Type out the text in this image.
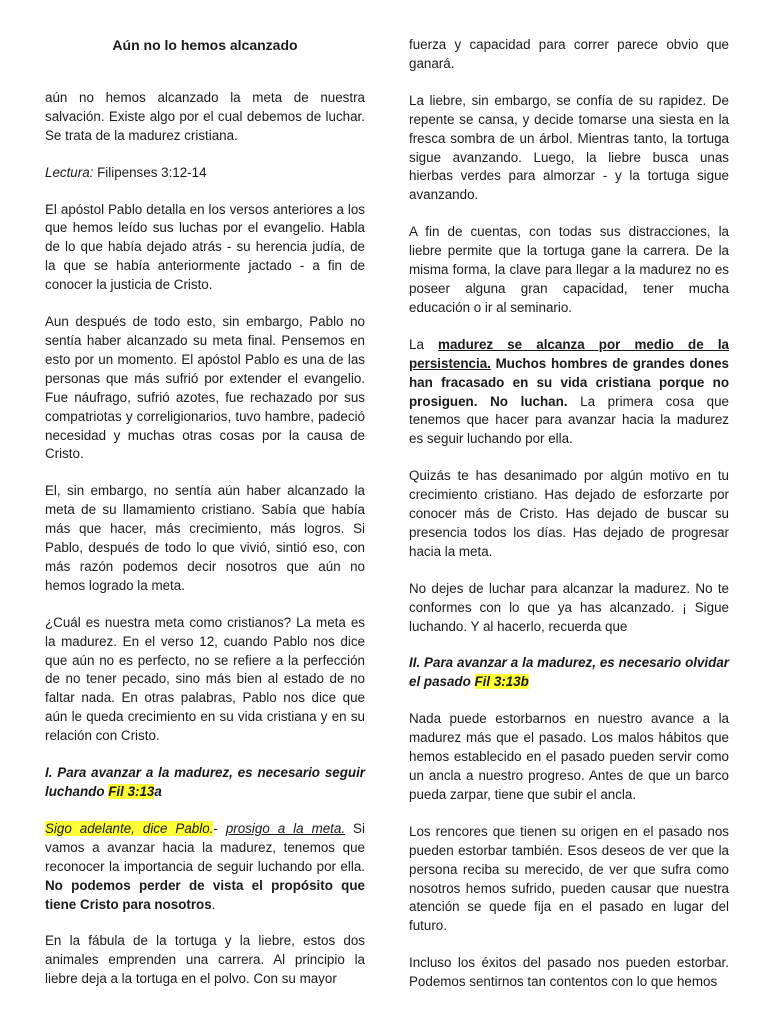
Aún no lo hemos alcanzado

aún no hemos alcanzado la meta de nuestra salvación. Existe algo por el cual debemos de luchar. Se trata de la madurez cristiana.

Lectura: Filipenses 3:12-14

El apóstol Pablo detalla en los versos anteriores a los que hemos leído sus luchas por el evangelio. Habla de lo que había dejado atrás - su herencia judía, de la que se había anteriormente jactado - a fin de conocer la justicia de Cristo.

Aun después de todo esto, sin embargo, Pablo no sentía haber alcanzado su meta final. Pensemos en esto por un momento. El apóstol Pablo es una de las personas que más sufrió por extender el evangelio. Fue náufrago, sufrió azotes, fue rechazado por sus compatriotas y correligionarios, tuvo hambre, padeció necesidad y muchas otras cosas por la causa de Cristo.

El, sin embargo, no sentía aún haber alcanzado la meta de su llamamiento cristiano. Sabía que había más que hacer, más crecimiento, más logros. Si Pablo, después de todo lo que vivió, sintió eso, con más razón podemos decir nosotros que aún no hemos logrado la meta.

¿Cuál es nuestra meta como cristianos? La meta es la madurez. En el verso 12, cuando Pablo nos dice que aún no es perfecto, no se refiere a la perfección de no tener pecado, sino más bien al estado de no faltar nada. En otras palabras, Pablo nos dice que aún le queda crecimiento en su vida cristiana y en su relación con Cristo.

I. Para avanzar a la madurez, es necesario seguir luchando Fil 3:13a

Sigo adelante, dice Pablo.- prosigo a la meta. Si vamos a avanzar hacia la madurez, tenemos que reconocer la importancia de seguir luchando por ella. No podemos perder de vista el propósito que tiene Cristo para nosotros.

En la fábula de la tortuga y la liebre, estos dos animales emprenden una carrera. Al principio la liebre deja a la tortuga en el polvo. Con su mayor

fuerza y capacidad para correr parece obvio que ganará.

La liebre, sin embargo, se confía de su rapidez. De repente se cansa, y decide tomarse una siesta en la fresca sombra de un árbol. Mientras tanto, la tortuga sigue avanzando. Luego, la liebre busca unas hierbas verdes para almorzar - y la tortuga sigue avanzando.

A fin de cuentas, con todas sus distracciones, la liebre permite que la tortuga gane la carrera. De la misma forma, la clave para llegar a la madurez no es poseer alguna gran capacidad, tener mucha educación o ir al seminario.

La madurez se alcanza por medio de la persistencia. Muchos hombres de grandes dones han fracasado en su vida cristiana porque no prosiguen. No luchan. La primera cosa que tenemos que hacer para avanzar hacia la madurez es seguir luchando por ella.

Quizás te has desanimado por algún motivo en tu crecimiento cristiano. Has dejado de esforzarte por conocer más de Cristo. Has dejado de buscar su presencia todos los días. Has dejado de progresar hacia la meta.

No dejes de luchar para alcanzar la madurez. No te conformes con lo que ya has alcanzado. ¡ Sigue luchando. Y al hacerlo, recuerda que

II. Para avanzar a la madurez, es necesario olvidar el pasado Fil 3:13b

Nada puede estorbarnos en nuestro avance a la madurez más que el pasado. Los malos hábitos que hemos establecido en el pasado pueden servir como un ancla a nuestro progreso. Antes de que un barco pueda zarpar, tiene que subir el ancla.

Los rencores que tienen su origen en el pasado nos pueden estorbar también. Esos deseos de ver que la persona reciba su merecido, de ver que sufra como nosotros hemos sufrido, pueden causar que nuestra atención se quede fija en el pasado en lugar del futuro.

Incluso los éxitos del pasado nos pueden estorbar. Podemos sentirnos tan contentos con lo que hemos
